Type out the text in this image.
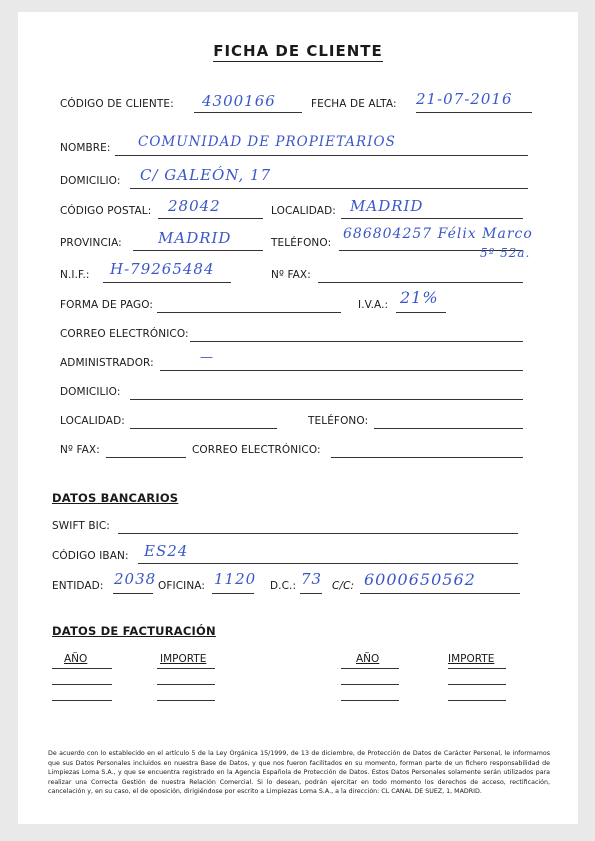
FICHA DE CLIENTE
CÓDIGO DE CLIENTE: 4300166	FECHA DE ALTA: 21-07-2016
NOMBRE: COMUNIDAD DE PROPIETARIOS
DOMICILIO: C/ GALEÓN, 17
CÓDIGO POSTAL: 28042	LOCALIDAD: MADRID
PROVINCIA: MADRID	TELÉFONO:
686804257 Félix Marco
5º 52a.
N.I.F.: H-79265484	Nº FAX:
FORMA DE PAGO:	I.V.A.: 21%
CORREO ELECTRÓNICO:
ADMINISTRADOR:	—
DOMICILIO:
LOCALIDAD:	TELÉFONO:
Nº FAX:	CORREO ELECTRÓNICO:
DATOS BANCARIOS
SWIFT BIC:
CÓDIGO IBAN: ES24
ENTIDAD: 2038 OFICINA: 1120 D.C.: 73 C/C: 6000650562
DATOS DE FACTURACIÓN
AÑO	IMPORTE	AÑO	IMPORTE
De acuerdo con lo establecido en el artículo 5 de la Ley Orgánica 15/1999, de 13 de diciembre, de Protección de Datos de Carácter Personal, le informamos que sus Datos Personales incluidos en nuestra Base de Datos, y que nos fueron facilitados en su momento, forman parte de un fichero responsabilidad de Limpiezas Loma S.A., y que se encuentra registrado en la Agencia Española de Protección de Datos. Estos Datos Personales solamente serán utilizados para realizar una Correcta Gestión de nuestra Relación Comercial. Si lo desean, podrán ejercitar en todo momento los derechos de acceso, rectificación, cancelación y, en su caso, el de oposición, dirigiéndose por escrito a Limpiezas Loma S.A., a la dirección: CL CANAL DE SUEZ, 1, MADRID.
